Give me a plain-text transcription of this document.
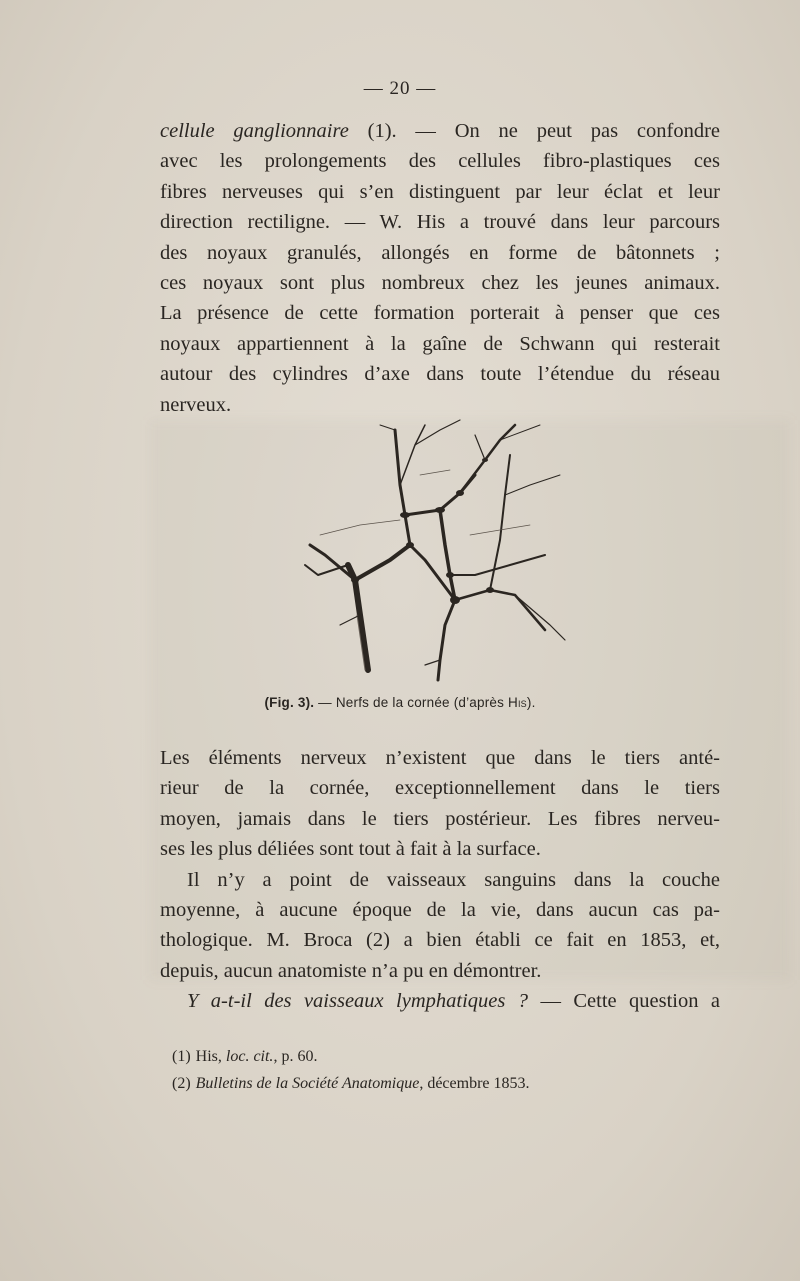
— 20 —
cellule ganglionnaire (1). — On ne peut pas confondre
avec les prolongements des cellules fibro-plastiques ces
fibres nerveuses qui s’en distinguent par leur éclat et leur
direction rectiligne. — W. His a trouvé dans leur parcours
des noyaux granulés, allongés en forme de bâtonnets ;
ces noyaux sont plus nombreux chez les jeunes animaux.
La présence de cette formation porterait à penser que ces
noyaux appartiennent à la gaîne de Schwann qui resterait
autour des cylindres d’axe dans toute l’étendue du réseau
nerveux.
(Fig. 3). — Nerfs de la cornée (d’après His).
Les éléments nerveux n’existent que dans le tiers anté-
rieur de la cornée, exceptionnellement dans le tiers
moyen, jamais dans le tiers postérieur. Les fibres nerveu-
ses les plus déliées sont tout à fait à la surface.
Il n’y a point de vaisseaux sanguins dans la couche
moyenne, à aucune époque de la vie, dans aucun cas pa-
thologique. M. Broca (2) a bien établi ce fait en 1853, et,
depuis, aucun anatomiste n’a pu en démontrer.
Y a-t-il des vaisseaux lymphatiques ? — Cette question a
(1) His, loc. cit., p. 60.
(2) Bulletins de la Société Anatomique, décembre 1853.
